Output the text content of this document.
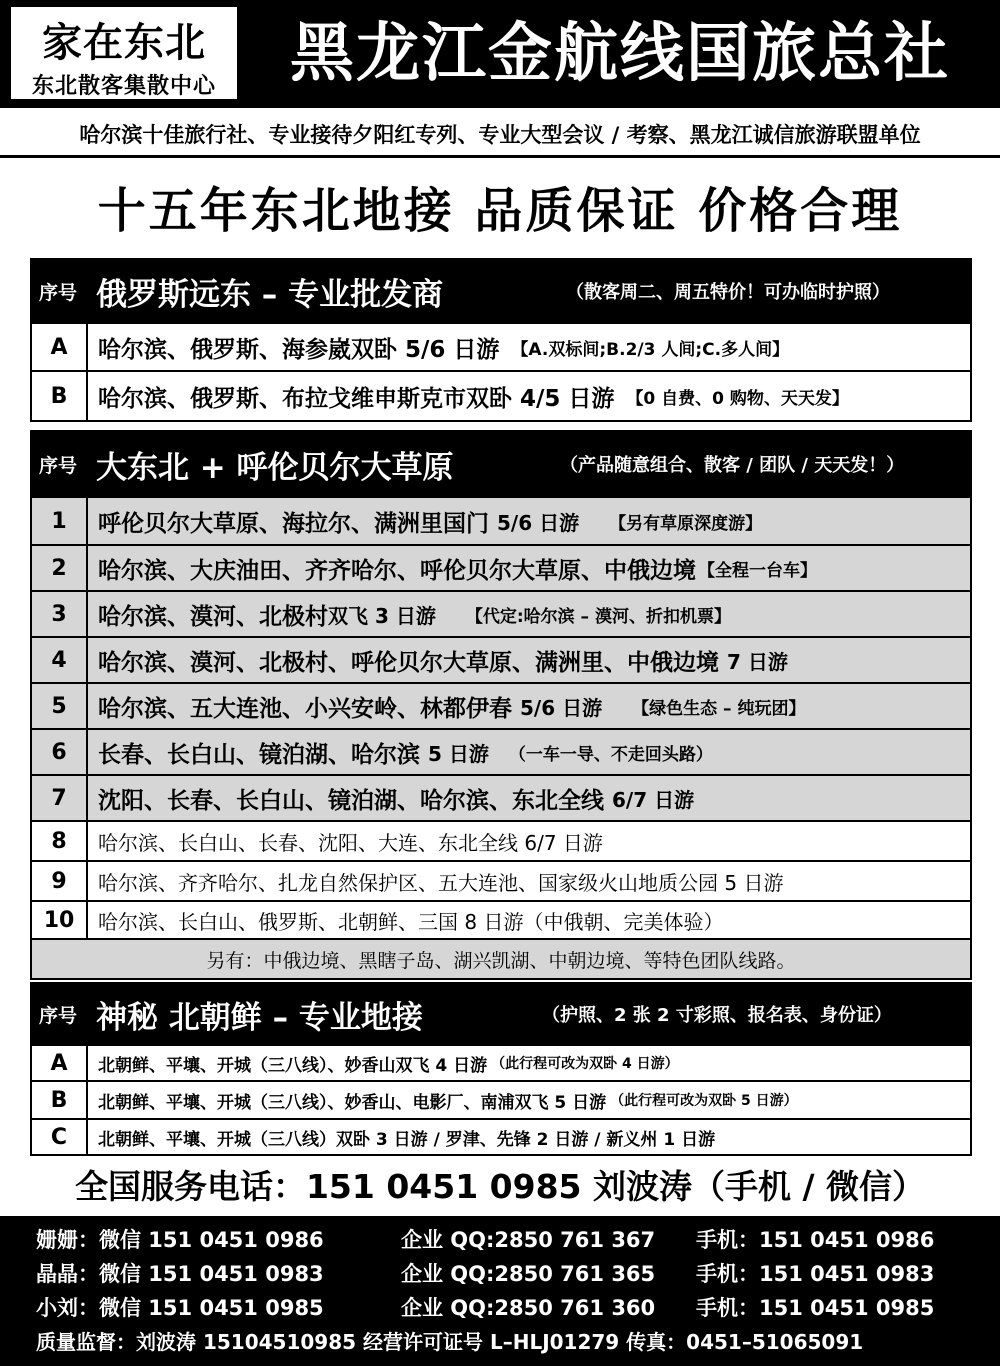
家在东北
东北散客集散中心	黑龙江金航线国旅总社
哈尔滨十佳旅行社、专业接待夕阳红专列、专业大型会议 / 考察、黑龙江诚信旅游联盟单位
十五年东北地接 品质保证 价格合理
序号 俄罗斯远东 – 专业批发商	（散客周二、周五特价！可办临时护照）
A	哈尔滨、俄罗斯、海参崴双卧 5/6 日游 【A.双标间;B.2/3 人间;C.多人间】
B	哈尔滨、俄罗斯、布拉戈维申斯克市双卧 4/5 日游 【0 自费、0 购物、天天发】
序号 大东北 + 呼伦贝尔大草原	（产品随意组合、散客 / 团队 / 天天发！）
1	呼伦贝尔大草原、海拉尔、满洲里国门 5/6 日游 【另有草原深度游】
2	哈尔滨、大庆油田、齐齐哈尔、呼伦贝尔大草原、中俄边境 【全程一台车】
3	哈尔滨、漠河、北极村 双飞 3 日游 【代定:哈尔滨 – 漠河、折扣机票】
4	哈尔滨、漠河、北极村、呼伦贝尔大草原、满洲里、中俄边境 7 日游
5	哈尔滨、五大连池、小兴安岭、林都伊春 5/6 日游 【绿色生态 – 纯玩团】
6	长春、长白山、镜泊湖、哈尔滨 5 日游 （一车一导、不走回头路）
7	沈阳、长春、长白山、镜泊湖、哈尔滨、东北全线 6/7 日游
8	哈尔滨、长白山、长春、沈阳、大连、东北全线 6/7 日游
9	哈尔滨、齐齐哈尔、扎龙自然保护区、五大连池、国家级火山地质公园 5 日游
10	哈尔滨、长白山、俄罗斯、北朝鲜、三国 8 日游（中俄朝、完美体验）
另有：中俄边境、黑瞎子岛、湖兴凯湖、中朝边境、等特色团队线路。
序号 神秘 北朝鲜 – 专业地接	（护照、2 张 2 寸彩照、报名表、身份证）
A	北朝鲜、平壤、开城（三八线）、妙香山双飞 4 日游 （此行程可改为双卧 4 日游）
B	北朝鲜、平壤、开城（三八线）、妙香山、电影厂、南浦双飞 5 日游 （此行程可改为双卧 5 日游）
C	北朝鲜、平壤、开城（三八线）双卧 3 日游 / 罗津、先锋 2 日游 / 新义州 1 日游
全国服务电话：151 0451 0985 刘波涛（手机 / 微信）
姗姗：微信 151 0451 0986	企业 QQ:2850 761 367 手机：151 0451 0986
晶晶：微信 151 0451 0983	企业 QQ:2850 761 365 手机：151 0451 0983
小刘：微信 151 0451 0985	企业 QQ:2850 761 360 手机：151 0451 0985
质量监督：刘波涛 15104510985 经营许可证号 L–HLJ01279 传真：0451–51065091
